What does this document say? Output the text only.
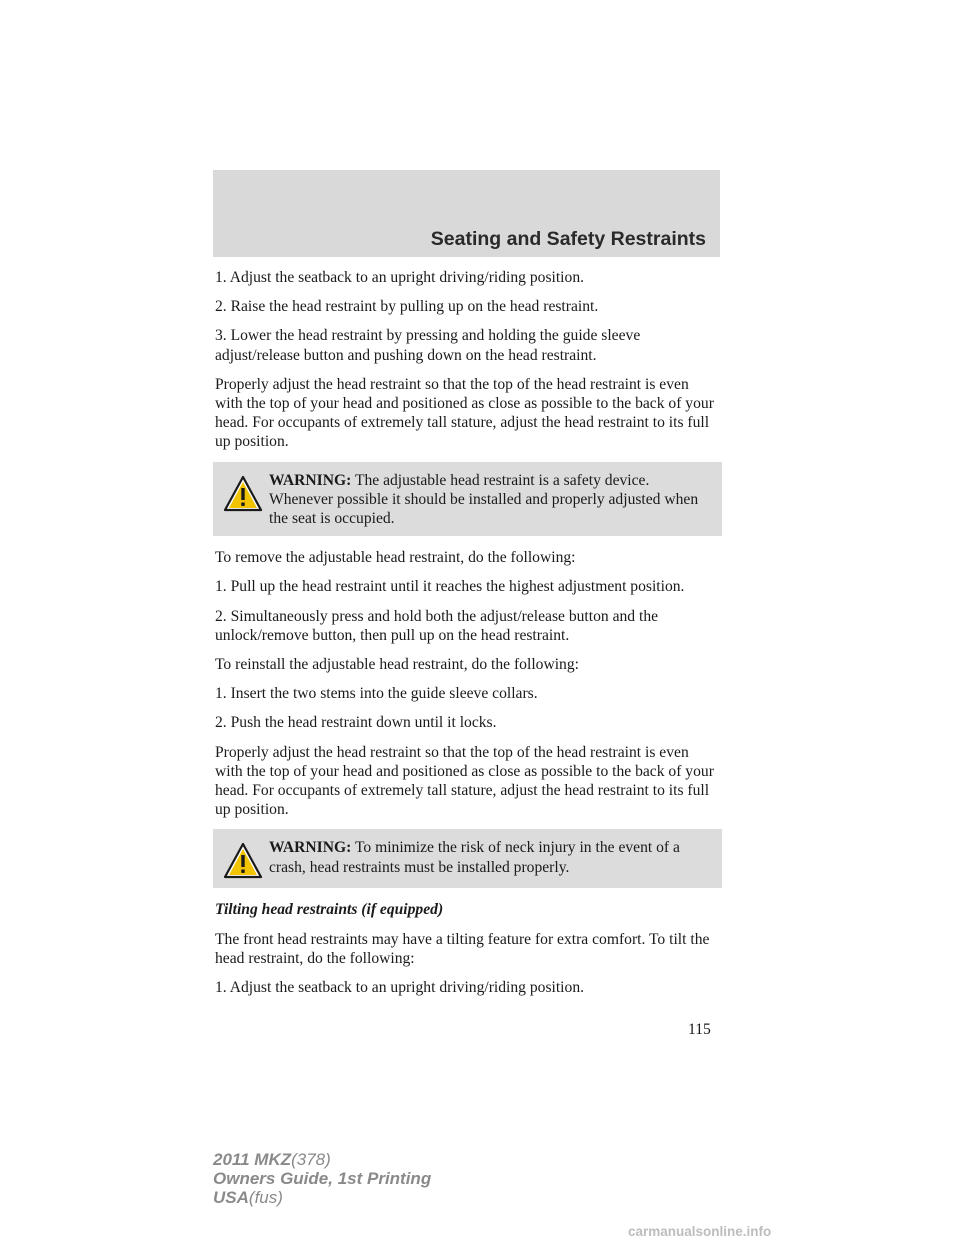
Seating and Safety Restraints

1. Adjust the seatback to an upright driving/riding position.

2. Raise the head restraint by pulling up on the head restraint.

3. Lower the head restraint by pressing and holding the guide sleeve adjust/release button and pushing down on the head restraint.

Properly adjust the head restraint so that the top of the head restraint is even with the top of your head and positioned as close as possible to the back of your head. For occupants of extremely tall stature, adjust the head restraint to its full up position.

WARNING: The adjustable head restraint is a safety device. Whenever possible it should be installed and properly adjusted when the seat is occupied.

To remove the adjustable head restraint, do the following:

1. Pull up the head restraint until it reaches the highest adjustment position.

2. Simultaneously press and hold both the adjust/release button and the unlock/remove button, then pull up on the head restraint.

To reinstall the adjustable head restraint, do the following:

1. Insert the two stems into the guide sleeve collars.

2. Push the head restraint down until it locks.

Properly adjust the head restraint so that the top of the head restraint is even with the top of your head and positioned as close as possible to the back of your head. For occupants of extremely tall stature, adjust the head restraint to its full up position.

WARNING: To minimize the risk of neck injury in the event of a crash, head restraints must be installed properly.

Tilting head restraints (if equipped)

The front head restraints may have a tilting feature for extra comfort. To tilt the head restraint, do the following:

1. Adjust the seatback to an upright driving/riding position.

115
2011 MKZ(378)
Owners Guide, 1st Printing
USA(fus)
carmanualsonline.info
